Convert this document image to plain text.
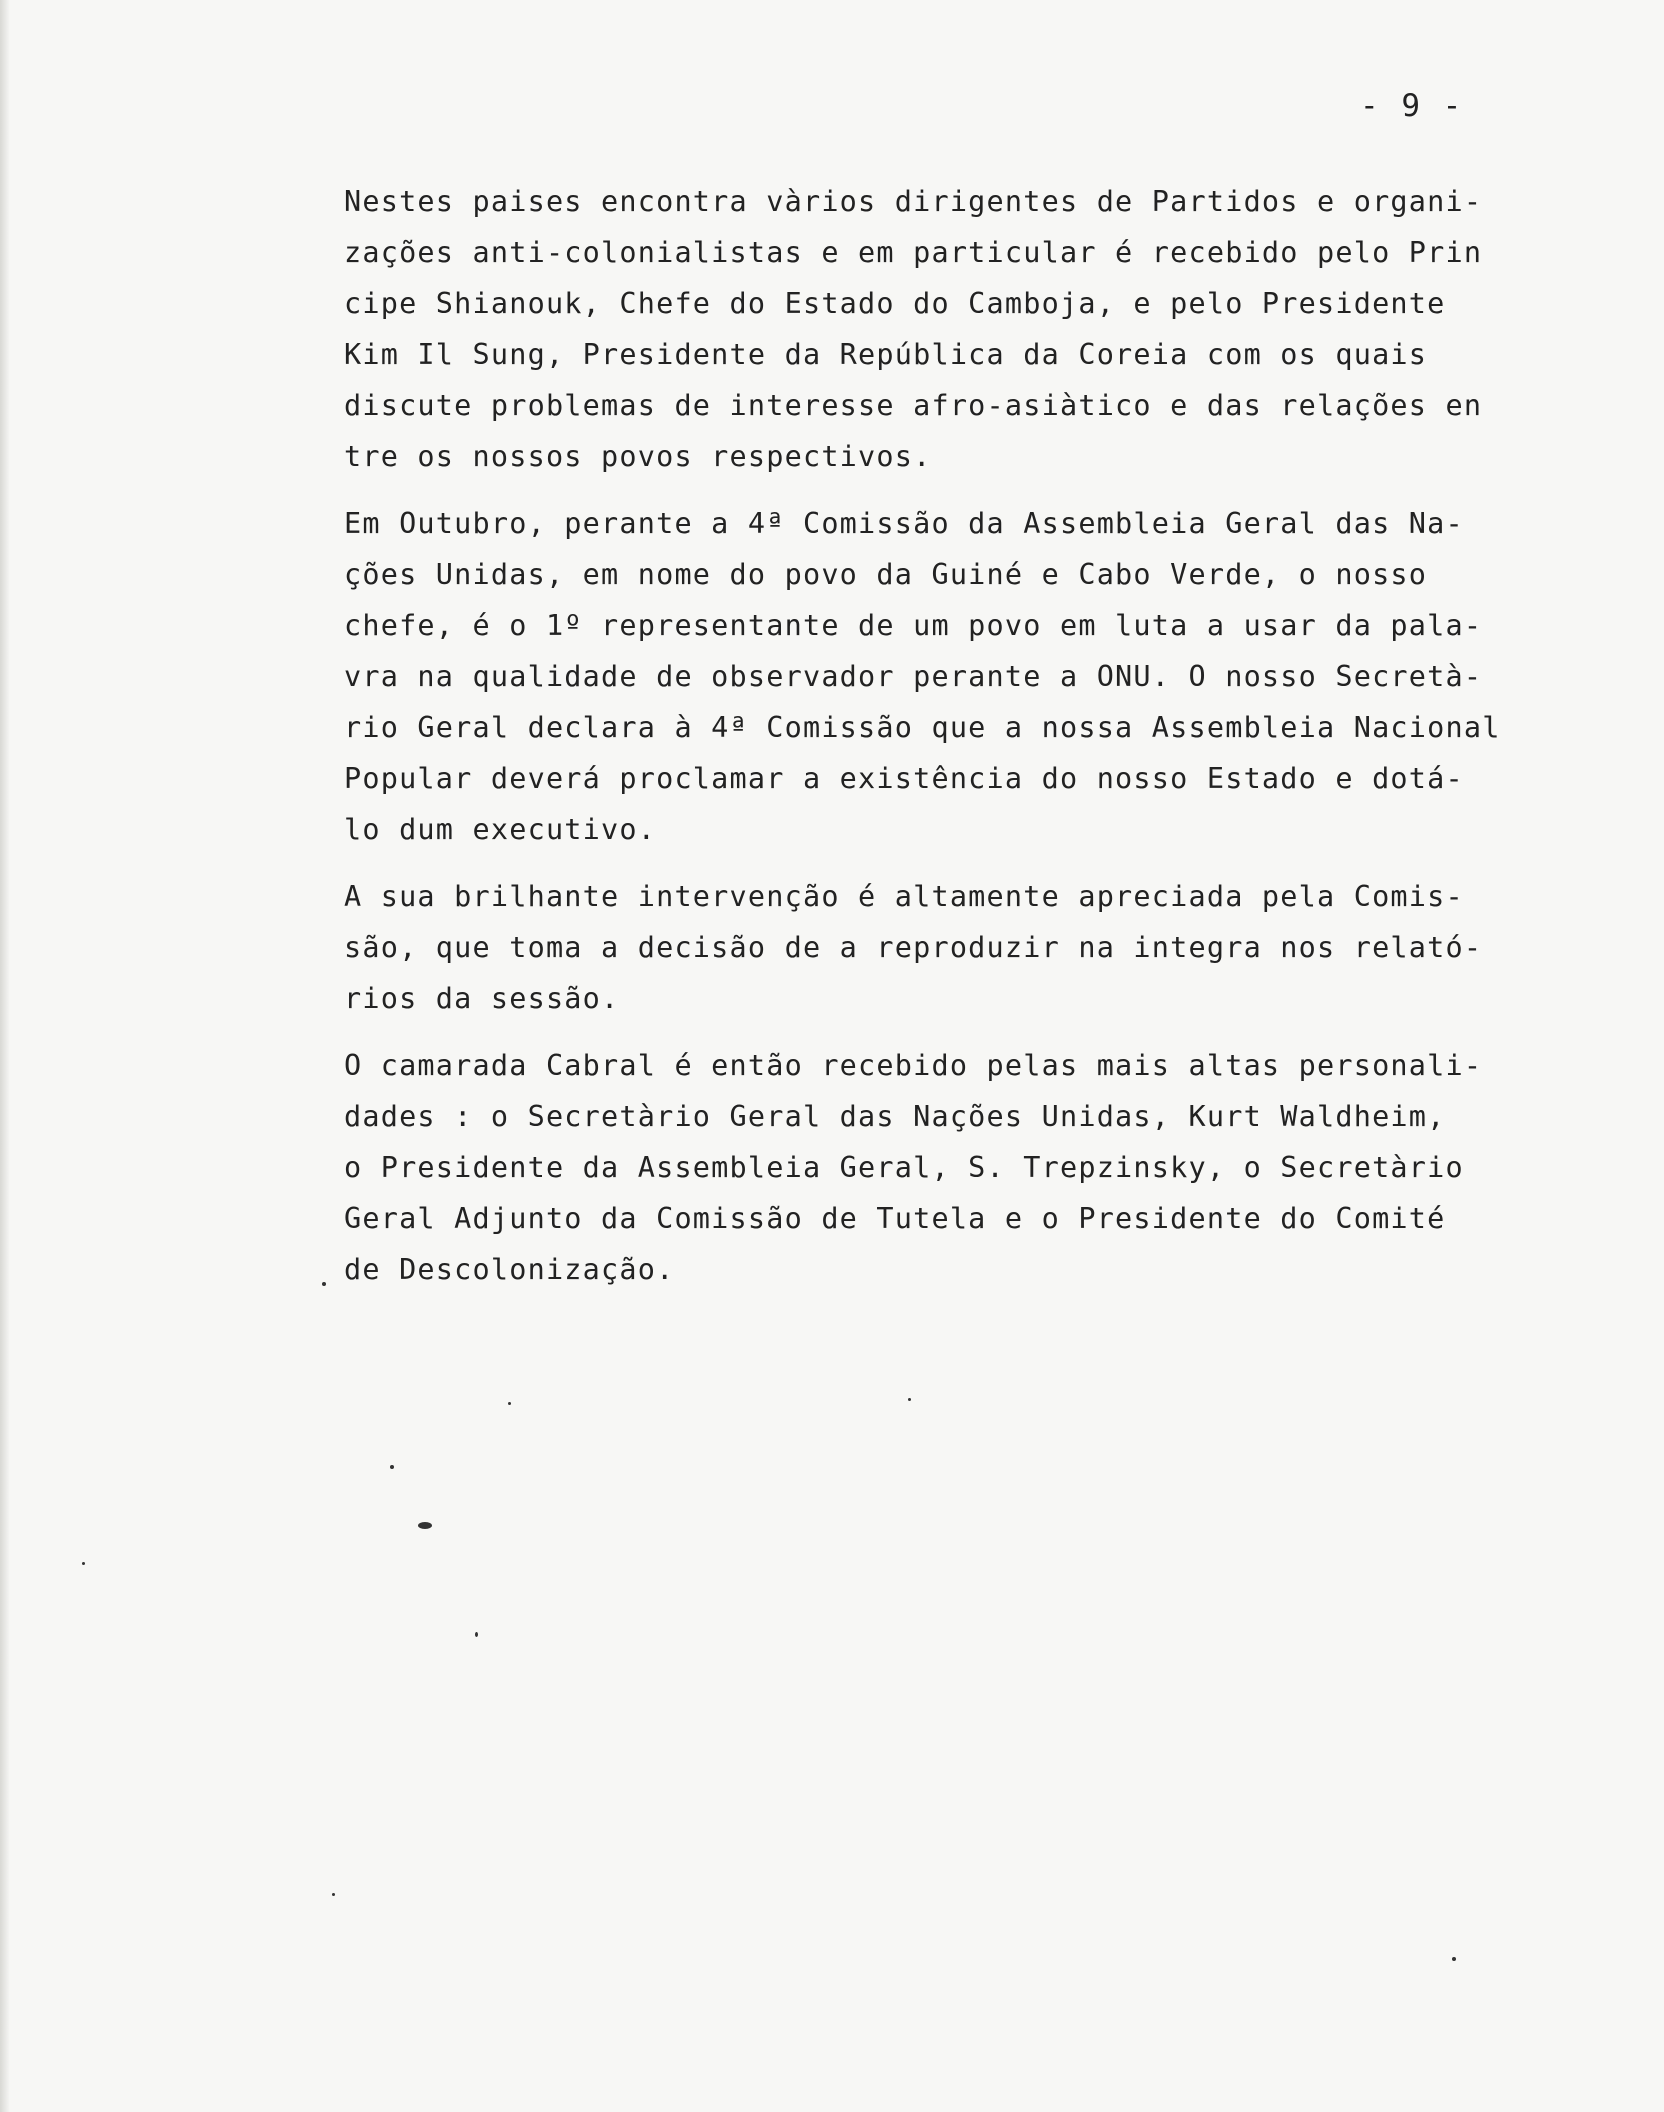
- 9 -
Nestes paises encontra vàrios dirigentes de Partidos e organi-
zações anti-colonialistas e em particular é recebido pelo Prin
cipe Shianouk, Chefe do Estado do Camboja, e pelo Presidente
Kim Il Sung, Presidente da República da Coreia com os quais
discute problemas de interesse afro-asiàtico e das relações en
tre os nossos povos respectivos.
Em Outubro, perante a 4ª Comissão da Assembleia Geral das Na-
ções Unidas, em nome do povo da Guiné e Cabo Verde, o nosso
chefe, é o 1º representante de um povo em luta a usar da pala-
vra na qualidade de observador perante a ONU. O nosso Secretà-
rio Geral declara à 4ª Comissão que a nossa Assembleia Nacional
Popular deverá proclamar a existência do nosso Estado e dotá-
lo dum executivo.
A sua brilhante intervenção é altamente apreciada pela Comis-
são, que toma a decisão de a reproduzir na integra nos relató-
rios da sessão.
O camarada Cabral é então recebido pelas mais altas personali-
dades : o Secretàrio Geral das Nações Unidas, Kurt Waldheim,
o Presidente da Assembleia Geral, S. Trepzinsky, o Secretàrio
Geral Adjunto da Comissão de Tutela e o Presidente do Comité
de Descolonização.
